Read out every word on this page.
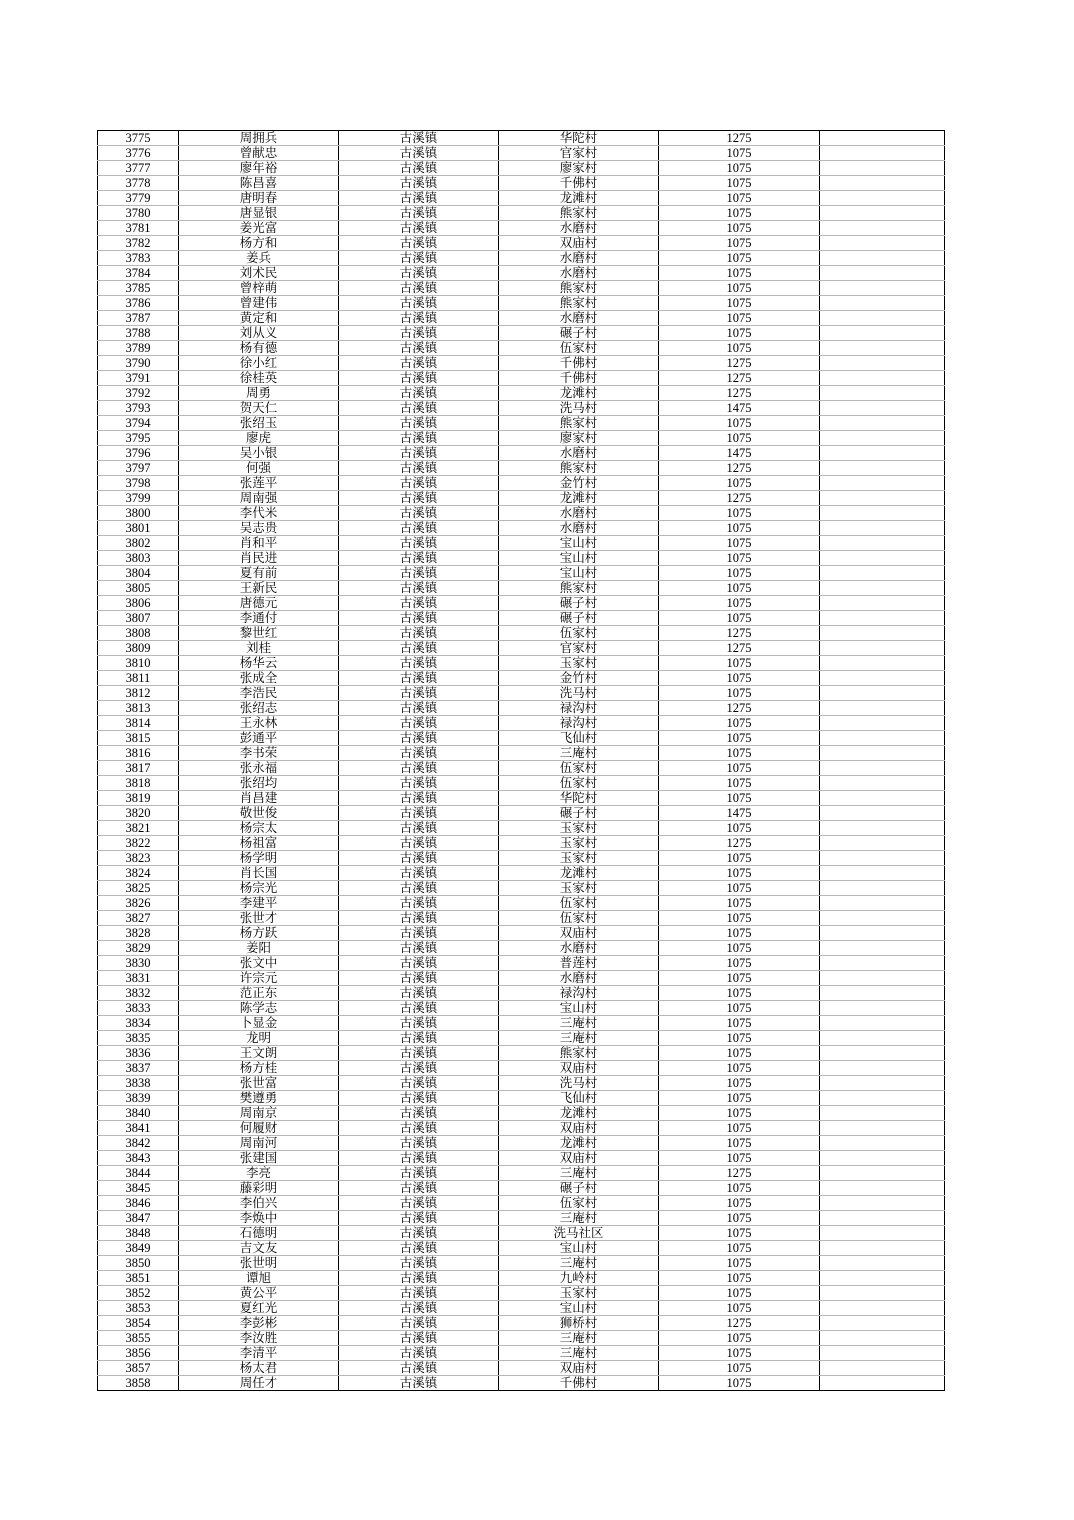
3775	周拥兵	古溪镇	华陀村	1275	
3776	曾献忠	古溪镇	官家村	1075	
3777	廖年裕	古溪镇	廖家村	1075	
3778	陈昌喜	古溪镇	千佛村	1075	
3779	唐明春	古溪镇	龙滩村	1075	
3780	唐显银	古溪镇	熊家村	1075	
3781	姜光富	古溪镇	水磨村	1075	
3782	杨方和	古溪镇	双庙村	1075	
3783	姜兵	古溪镇	水磨村	1075	
3784	刘术民	古溪镇	水磨村	1075	
3785	曾梓萌	古溪镇	熊家村	1075	
3786	曾建伟	古溪镇	熊家村	1075	
3787	黄定和	古溪镇	水磨村	1075	
3788	刘从义	古溪镇	碾子村	1075	
3789	杨有德	古溪镇	伍家村	1075	
3790	徐小红	古溪镇	千佛村	1275	
3791	徐桂英	古溪镇	千佛村	1275	
3792	周勇	古溪镇	龙滩村	1275	
3793	贺天仁	古溪镇	洗马村	1475	
3794	张绍玉	古溪镇	熊家村	1075	
3795	廖虎	古溪镇	廖家村	1075	
3796	吴小银	古溪镇	水磨村	1475	
3797	何强	古溪镇	熊家村	1275	
3798	张莲平	古溪镇	金竹村	1075	
3799	周南强	古溪镇	龙滩村	1275	
3800	李代米	古溪镇	水磨村	1075	
3801	吴志贵	古溪镇	水磨村	1075	
3802	肖和平	古溪镇	宝山村	1075	
3803	肖民进	古溪镇	宝山村	1075	
3804	夏有前	古溪镇	宝山村	1075	
3805	王新民	古溪镇	熊家村	1075	
3806	唐德元	古溪镇	碾子村	1075	
3807	李通付	古溪镇	碾子村	1075	
3808	黎世红	古溪镇	伍家村	1275	
3809	刘桂	古溪镇	官家村	1275	
3810	杨华云	古溪镇	玉家村	1075	
3811	张成全	古溪镇	金竹村	1075	
3812	李浩民	古溪镇	洗马村	1075	
3813	张绍志	古溪镇	禄沟村	1275	
3814	王永林	古溪镇	禄沟村	1075	
3815	彭通平	古溪镇	飞仙村	1075	
3816	李书荣	古溪镇	三庵村	1075	
3817	张永福	古溪镇	伍家村	1075	
3818	张绍均	古溪镇	伍家村	1075	
3819	肖昌建	古溪镇	华陀村	1075	
3820	敬世俊	古溪镇	碾子村	1475	
3821	杨宗太	古溪镇	玉家村	1075	
3822	杨祖富	古溪镇	玉家村	1275	
3823	杨学明	古溪镇	玉家村	1075	
3824	肖长国	古溪镇	龙滩村	1075	
3825	杨宗光	古溪镇	玉家村	1075	
3826	李建平	古溪镇	伍家村	1075	
3827	张世才	古溪镇	伍家村	1075	
3828	杨方跃	古溪镇	双庙村	1075	
3829	姜阳	古溪镇	水磨村	1075	
3830	张文中	古溪镇	普莲村	1075	
3831	许宗元	古溪镇	水磨村	1075	
3832	范正东	古溪镇	禄沟村	1075	
3833	陈学志	古溪镇	宝山村	1075	
3834	卜显金	古溪镇	三庵村	1075	
3835	龙明	古溪镇	三庵村	1075	
3836	王文朗	古溪镇	熊家村	1075	
3837	杨方桂	古溪镇	双庙村	1075	
3838	张世富	古溪镇	洗马村	1075	
3839	樊遵勇	古溪镇	飞仙村	1075	
3840	周南京	古溪镇	龙滩村	1075	
3841	何履财	古溪镇	双庙村	1075	
3842	周南河	古溪镇	龙滩村	1075	
3843	张建国	古溪镇	双庙村	1075	
3844	李亮	古溪镇	三庵村	1275	
3845	藤彩明	古溪镇	碾子村	1075	
3846	李伯兴	古溪镇	伍家村	1075	
3847	李焕中	古溪镇	三庵村	1075	
3848	石德明	古溪镇	洗马社区	1075	
3849	吉文友	古溪镇	宝山村	1075	
3850	张世明	古溪镇	三庵村	1075	
3851	谭旭	古溪镇	九岭村	1075	
3852	黄公平	古溪镇	玉家村	1075	
3853	夏红光	古溪镇	宝山村	1075	
3854	李彭彬	古溪镇	狮桥村	1275	
3855	李汝胜	古溪镇	三庵村	1075	
3856	李清平	古溪镇	三庵村	1075	
3857	杨太君	古溪镇	双庙村	1075	
3858	周任才	古溪镇	千佛村	1075	
